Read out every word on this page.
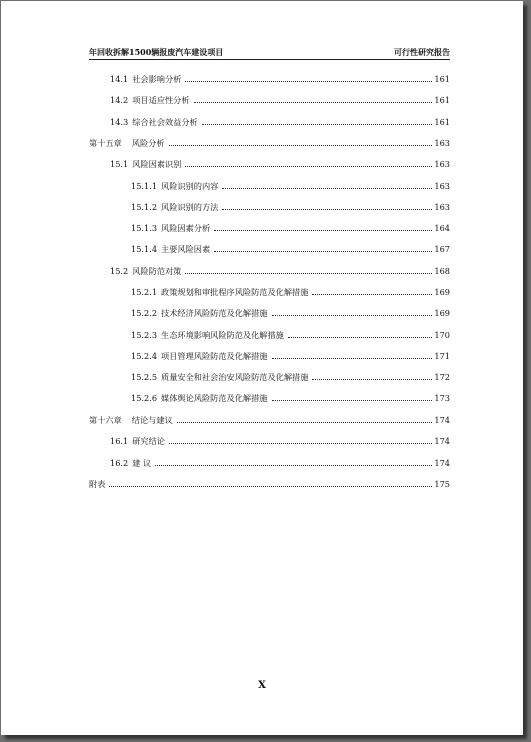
年回收拆解1500辆报废汽车建设项目	可行性研究报告
14.1 社会影响分析	161
14.2 项目适应性分析	161
14.3 综合社会效益分析	161
第十五章 风险分析	163
15.1 风险因素识别	163
15.1.1 风险识别的内容	163
15.1.2 风险识别的方法	163
15.1.3 风险因素分析	164
15.1.4 主要风险因素	167
15.2 风险防范对策	168
15.2.1 政策规划和审批程序风险防范及化解措施	169
15.2.2 技术经济风险防范及化解措施	169
15.2.3 生态环境影响风险防范及化解措施	170
15.2.4 项目管理风险防范及化解措施	171
15.2.5 质量安全和社会治安风险防范及化解措施	172
15.2.6 媒体舆论风险防范及化解措施	173
第十六章 结论与建议	174
16.1 研究结论	174
16.2 建 议	174
附表	175
X
